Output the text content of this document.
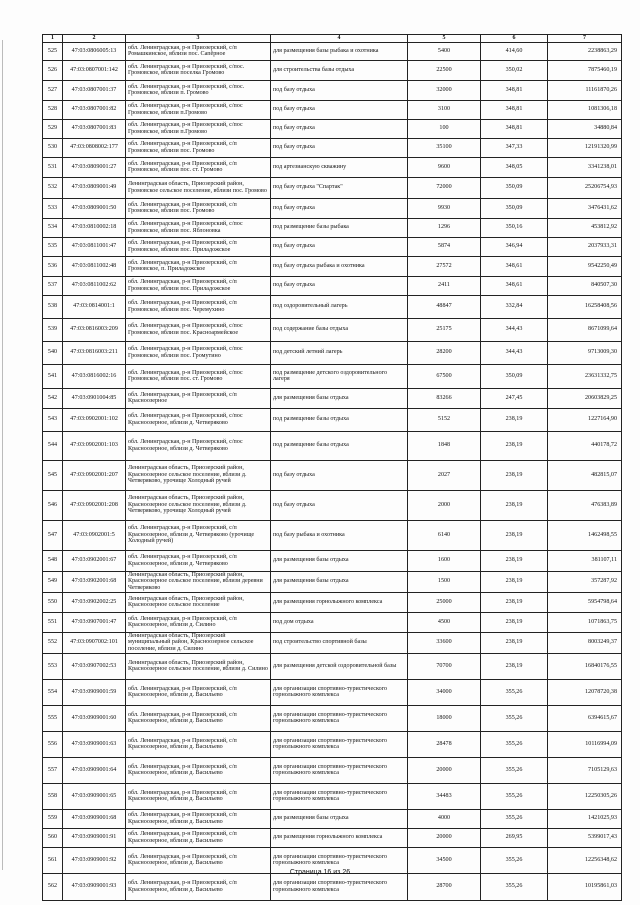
1	2	3	4	5	6	7
525	47:03:0806005:13	обл. Ленинградская, р-н Приозерский, с/п Ромашкинское, вблизи пос. Сапёрное	для размещения базы рыбака и охотника	5400	414,60	2238863,29
526	47:03:0807001:142	обл. Ленинградская, р-н Приозерский, с/пос. Громовское, вблизи поселка Громово	для строительства базы отдыха	22500	350,02	7875460,19
527	47:03:0807001:37	обл. Ленинградская, р-н Приозерский, с/пос. Громовское, вблизи п. Громово	под базу отдыха	32000	348,81	11161870,26
528	47:03:0807001:82	обл. Ленинградская, р-н Приозерский, с/пос Громовское, вблизи п.Громово	под базу отдыха	3100	348,81	1081306,18
529	47:03:0807001:83	обл. Ленинградская, р-н Приозерский, с/пос Громовское, вблизи п.Громово	под базу отдыха	100	348,81	34880,84
530	47:03:0808002:177	обл. Ленинградская, р-н Приозерский, с/п Громовское, вблизи пос. Громово	под базу отдыха	35100	347,33	12191320,99
531	47:03:0809001:27	обл. Ленинградская, р-н Приозерский, с/п Громовское, вблизи пос. ст. Громово	под артезианскую скважину	9600	348,05	3341238,01
532	47:03:0809001:49	Ленинградская область, Приозерский район, Громовское сельское поселение, вблизи пос. Громово	под базу отдыха "Спартак"	72000	350,09	25206754,93
533	47:03:0809001:50	обл. Ленинградская, р-н Приозерский, с/п Громовское, вблизи пос. Громово	под базу отдыха	9930	350,09	3476431,62
534	47:03:0810002:18	обл. Ленинградская, р-н Приозерский, с/пос Громовское, вблизи пос. Яблоновка	под размещение базы рыбака	1296	350,16	453812,92
535	47:03:0811001:47	обл. Ленинградская, р-н Приозерский, с/п Громовское, вблизи пос. Приладожское	под базу отдыха	5874	346,94	2037933,31
536	47:03:0811002:48	обл. Ленинградская, р-н Приозерский, с/п Громовское, п. Приладожское	под базу отдыха рыбака и охотника	27572	348,61	9542250,49
537	47:03:0811002:62	обл. Ленинградская, р-н Приозерский, с/п Громовское, вблизи пос. Приладожское	под базу отдыха	2411	348,61	840507,30
538	47:03:0814001:1	обл. Ленинградская, р-н Приозерский, с/п Громовское, вблизи пос. Черемухино	под оздоровительный лагерь	48847	332,84	16258408,56
539	47:03:0816003:209	обл. Ленинградская, р-н Приозерский, с/пос Громовское, вблизи пос. Красноармейское	под содержание базы отдыха	25175	344,43	8671099,64
540	47:03:0816003:211	обл. Ленинградская, р-н Приозерский, с/пос Громовское, вблизи пос. Громутино	под детский летний лагерь	28200	344,43	9713009,30
541	47:03:0816002:16	обл. Ленинградская, р-н Приозерский, с/пос Громовское, вблизи пос. ст. Громово	под размещение детского оздоровительного лагеря	67500	350,09	23631332,75
542	47:03:0901004:85	обл. Ленинградская, р-н Приозерский, с/п Красноозерное	для размещения базы отдыха	83266	247,45	20603829,25
543	47:03:0902001:102	обл. Ленинградская, р-н Приозерский, с/пос Красноозерное, вблизи д. Четверяково	под размещение базы отдыха	5152	238,19	1227164,90
544	47:03:0902001:103	обл. Ленинградская, р-н Приозерский, с/пос Красноозерное, вблизи д. Четверяково	под размещение базы отдыха	1848	238,19	440178,72
545	47:03:0902001:207	Ленинградская область, Приозерский район, Красноозерное сельское поселение, вблизи д. Четверяково, урочище Холодный ручей	под базу отдыха	2027	238,19	482815,07
546	47:03:0902001:208	Ленинградская область, Приозерский район, Красноозерное сельское поселение, вблизи д. Четверяково, урочище Холодный ручей	под базу отдыха	2000	238,19	476383,89
547	47:03:0902001:5	обл. Ленинградская, р-н Приозерский, с/п Красноозерное, вблизи д. Четверяково (урочище Холодный ручей)	под базу рыбака и охотника	6140	238,19	1462498,55
548	47:03:0902001:67	обл. Ленинградская, р-н Приозерский, с/п Красноозерное, вблизи д. Четверяково	для размещения базы отдыха	1600	238,19	381107,11
549	47:03:0902001:68	Ленинградская область, Приозерский район, Красноозерное сельское поселение, вблизи деревни Четверяково	для размещения базы отдыха	1500	238,19	357287,92
550	47:03:0902002:25	Ленинградская область, Приозерский район, Красноозерное сельское поселение	для размещения горнолыжного комплекса	25000	238,19	5954798,64
551	47:03:0907001:47	обл. Ленинградская, р-н Приозерский, с/п Красноозерное, вблизи д. Силино	под дом отдыха	4500	238,19	1071863,75
552	47:03:0907002:101	Ленинградская область, Приозерский муниципальный район, Красноозерное сельское поселение, вблизи д. Силино	под строительство спортивной базы	33600	238,19	8003249,37
553	47:03:0907002:53	Ленинградская область, Приозерский район, Красноозерное сельское поселение, вблизи д. Силино	для размещения детской оздоровительной базы	70700	238,19	16840176,55
554	47:03:0909001:59	обл. Ленинградская, р-н Приозерский, с/п Красноозерное, вблизи д. Васильево	для организации спортивно-туристического горнолыжного комплекса	34000	355,26	12078720,38
555	47:03:0909001:60	обл. Ленинградская, р-н Приозерский, с/п Красноозерное, вблизи д. Васильево	для организации спортивно-туристического горнолыжного комплекса	18000	355,26	6394615,67
556	47:03:0909001:63	обл. Ленинградская, р-н Приозерский, с/п Красноозерное, вблизи д. Васильево	для организации спортивно-туристического горнолыжного комплекса	28478	355,26	10116994,09
557	47:03:0909001:64	обл. Ленинградская, р-н Приозерский, с/п Красноозерное, вблизи д. Васильево	для организации спортивно-туристического горнолыжного комплекса	20000	355,26	7105129,63
558	47:03:0909001:65	обл. Ленинградская, р-н Приозерский, с/п Красноозерное, вблизи д. Васильево	для организации спортивно-туристического горнолыжного комплекса	34483	355,26	12250305,26
559	47:03:0909001:68	обл. Ленинградская, р-н Приозерский, с/п Красноозерное, вблизи д. Васильево	для размещения базы отдыха	4000	355,26	1421025,93
560	47:03:0909001:91	обл. Ленинградская, р-н Приозерский, с/п Красноозерное, вблизи д. Васильево	для размещения горнолыжного комплекса	20000	269,95	5399017,43
561	47:03:0909001:92	обл. Ленинградская, р-н Приозерский, с/п Красноозерное, вблизи д. Васильево	для организации спортивно-туристического горнолыжного комплекса	34500	355,26	12256348,62
562	47:03:0909001:93	обл. Ленинградская, р-н Приозерский, с/п Красноозерное, вблизи д. Васильево	для организации спортивно-туристического горнолыжного комплекса	28700	355,26	10195861,03
Страница 16 из 26
